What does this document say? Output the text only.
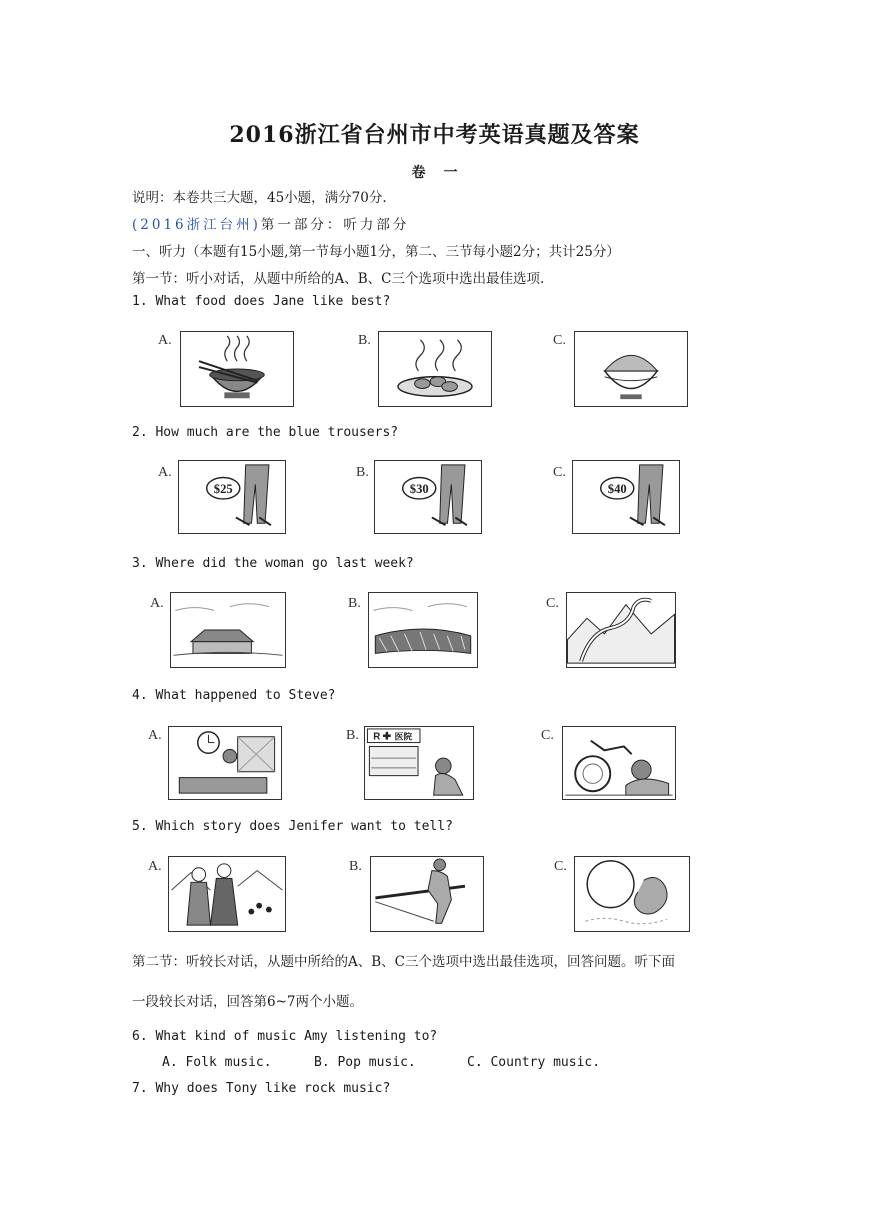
2016浙江省台州市中考英语真题及答案
卷一
说明：本卷共三大题，45小题，满分70分.
(2016浙江台州)第一部分：听力部分
一、听力（本题有15小题,第一节每小题1分，第二、三节每小题2分；共计25分）
第一节：听小对话，从题中所给的A、B、C三个选项中选出最佳选项.
1. What food does Jane like best?
A.	B.	C.
2. How much are the blue trousers?
A.
$25
B.
$30
C.
$40
3. Where did the woman go last week?
A.	B.	C.
4. What happened to Steve?
A.	B. R 医院	C.
5. Which story does Jenifer want to tell?
A.	B.	C.
第二节：听较长对话，从题中所给的A、B、C三个选项中选出最佳选项，回答问题。听下面
一段较长对话，回答第6~7两个小题。
6. What kind of music Amy listening to?
A. Folk music.	B. Pop music.	C. Country music.
7. Why does Tony like rock music?
